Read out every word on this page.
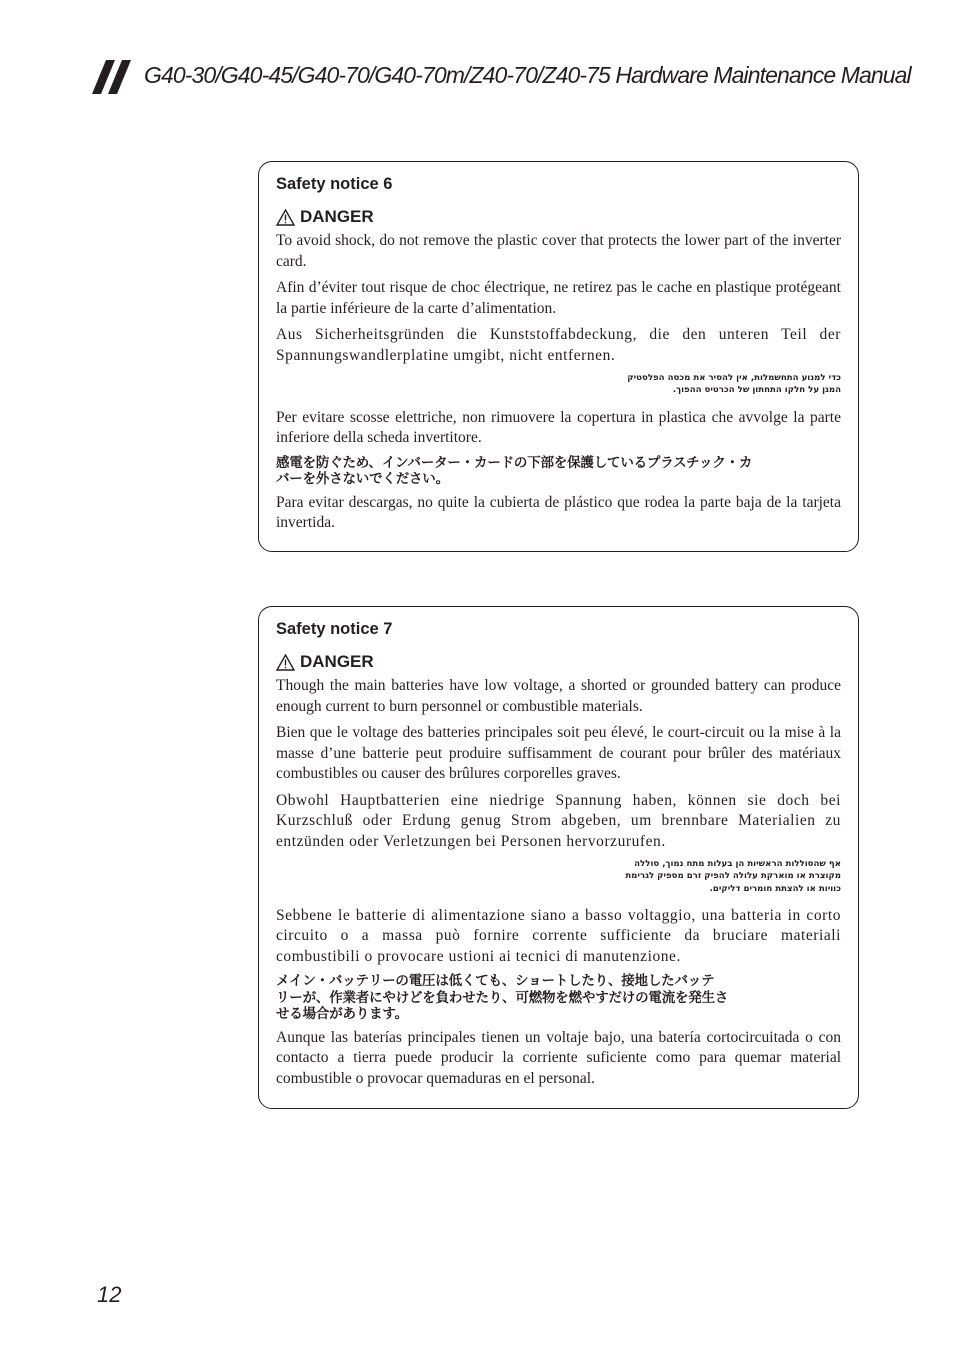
G40-30/G40-45/G40-70/G40-70m/Z40-70/Z40-75 Hardware Maintenance Manual
Safety notice 6
DANGER

To avoid shock, do not remove the plastic cover that protects the lower part of the inverter card.

Afin d’éviter tout risque de choc électrique, ne retirez pas le cache en plastique protégeant la partie inférieure de la carte d’alimentation.

Aus Sicherheitsgründen die Kunststoffabdeckung, die den unteren Teil der Spannungswandlerplatine umgibt, nicht entfernen.

כדי למנוע התחשמלות, אין להסיר את מכסה הפלסטיק
המגן על חלקו התחתון של הכרטיס ההפוך.

Per evitare scosse elettriche, non rimuovere la copertura in plastica che avvolge la parte inferiore della scheda invertitore.

感電を防ぐため、インバーター・カードの下部を保護しているプラスチック・カ
バーを外さないでください。

Para evitar descargas, no quite la cubierta de plástico que rodea la parte baja de la tarjeta invertida.

Safety notice 7
DANGER

Though the main batteries have low voltage, a shorted or grounded battery can produce enough current to burn personnel or combustible materials.

Bien que le voltage des batteries principales soit peu élevé, le court-circuit ou la mise à la masse d’une batterie peut produire suffisamment de courant pour brûler des matériaux combustibles ou causer des brûlures corporelles graves.

Obwohl Hauptbatterien eine niedrige Spannung haben, können sie doch bei Kurzschluß oder Erdung genug Strom abgeben, um brennbare Materialien zu entzünden oder Verletzungen bei Personen hervorzurufen.

אף שהסוללות הראשיות הן בעלות מתח נמוך, סוללה
מקוצרת או מוארקת עלולה להפיק זרם מספיק לגרימת
כוויות או להצתת חומרים דליקים.

Sebbene le batterie di alimentazione siano a basso voltaggio, una batteria in corto circuito o a massa può fornire corrente sufficiente da bruciare materiali combustibili o provocare ustioni ai tecnici di manutenzione.

メイン・バッテリーの電圧は低くても、ショートしたり、接地したバッテ
リーが、作業者にやけどを負わせたり、可燃物を燃やすだけの電流を発生さ
せる場合があります。

Aunque las baterías principales tienen un voltaje bajo, una batería cortocircuitada o con contacto a tierra puede producir la corriente suficiente como para quemar material combustible o provocar quemaduras en el personal.

12
